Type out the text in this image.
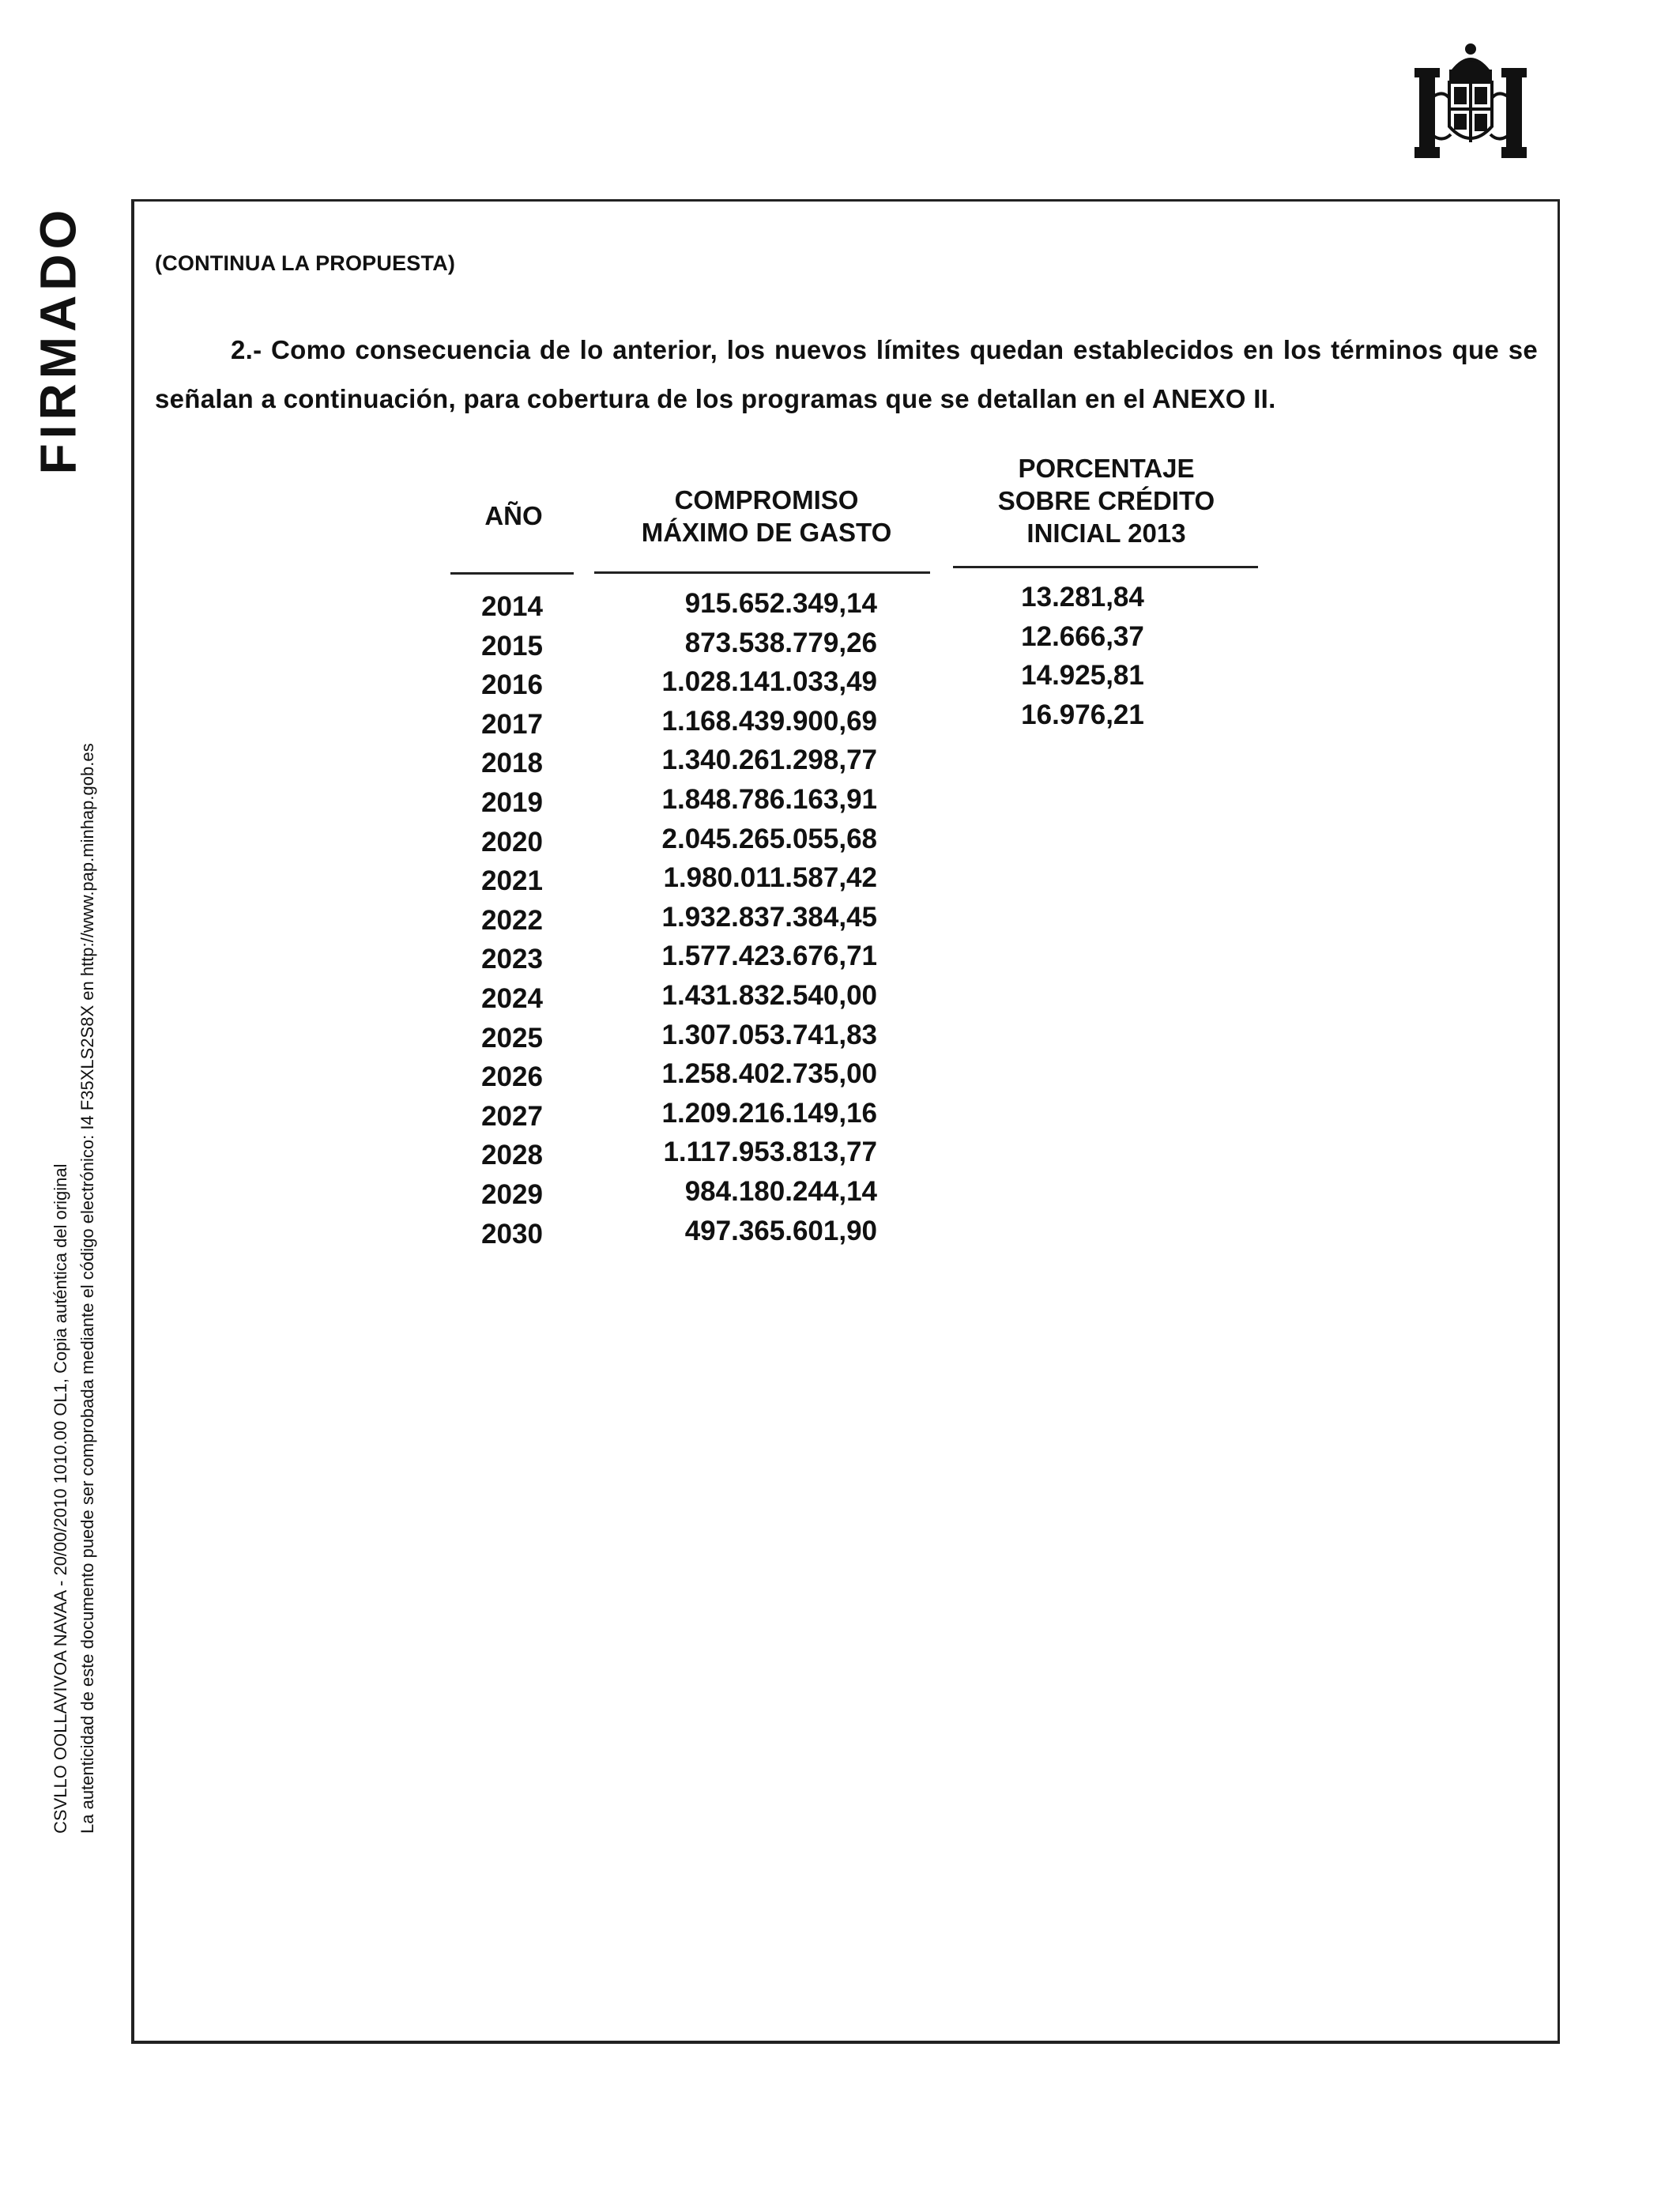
FIRMADO
CSVLLO OOLLAVIVOA NAVAA - 20/00/2010 1010.00 OL1, Copia auténtica del original La autenticidad de este documento puede ser comprobada mediante el código electrónico: I4 F35XLS2S8X en http://www.pap.minhap.gob.es
(CONTINUA LA PROPUESTA)
2.- Como consecuencia de lo anterior, los nuevos límites quedan establecidos en los términos que se señalan a continuación, para cobertura de los programas que se detallan en el ANEXO II.
AÑO
COMPROMISO
MÁXIMO DE GASTO
PORCENTAJE
SOBRE CRÉDITO
INICIAL 2013
2014	915.652.349,14	13.281,84
2015	873.538.779,26	12.666,37
2016	1.028.141.033,49	14.925,81
2017	1.168.439.900,69	16.976,21
2018	1.340.261.298,77
2019	1.848.786.163,91
2020	2.045.265.055,68
2021	1.980.011.587,42
2022	1.932.837.384,45
2023	1.577.423.676,71
2024	1.431.832.540,00
2025	1.307.053.741,83
2026	1.258.402.735,00
2027	1.209.216.149,16
2028	1.117.953.813,77
2029	984.180.244,14
2030	497.365.601,90
